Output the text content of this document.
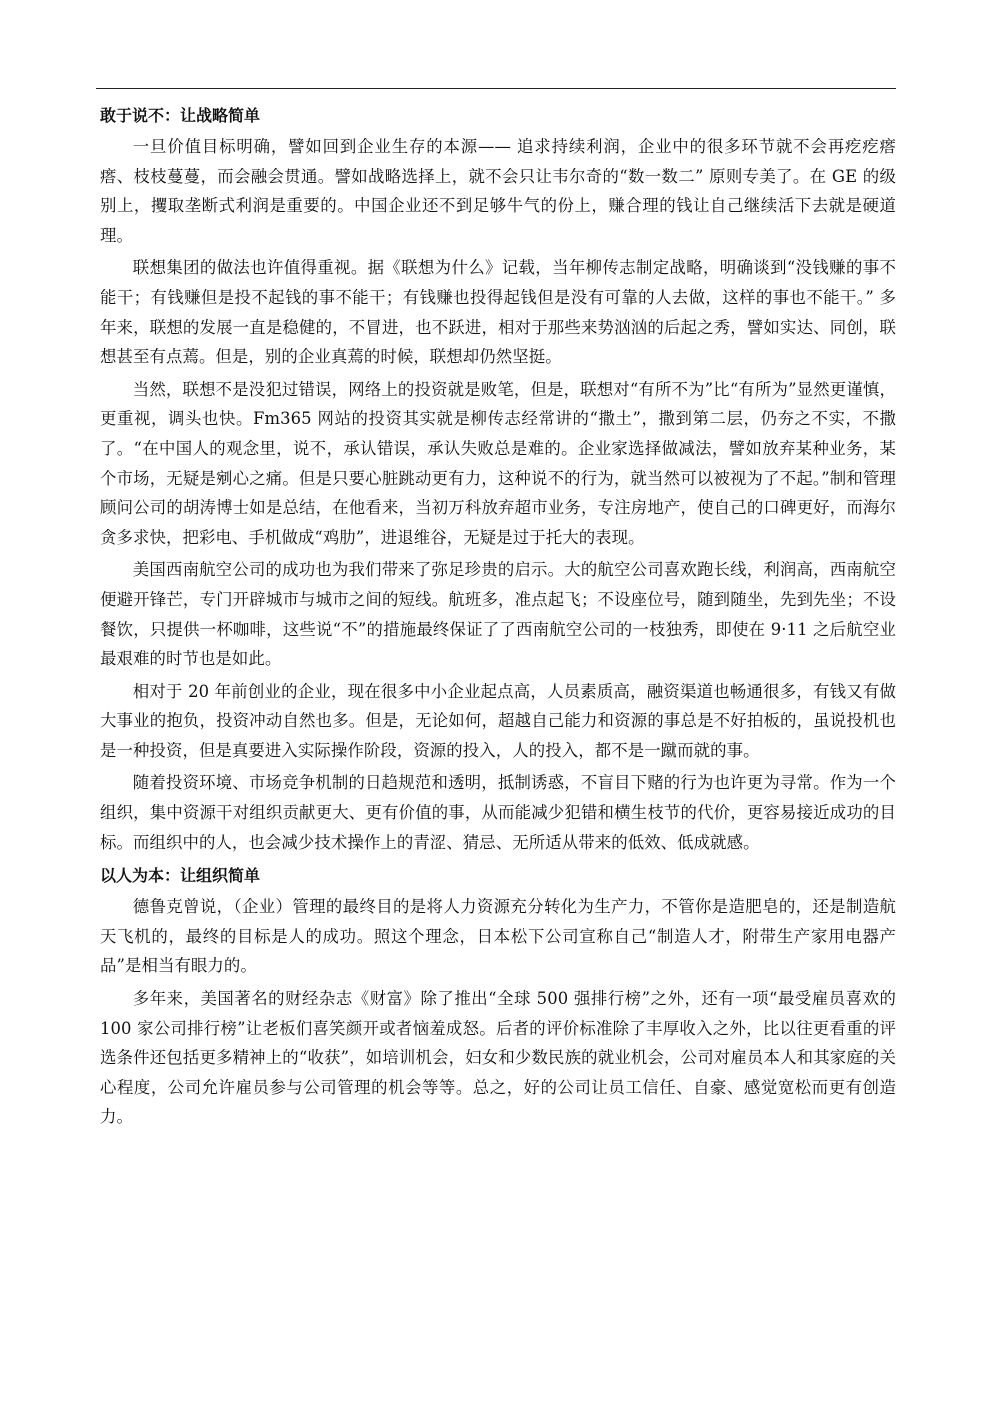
敢于说不：让战略简单

一旦价值目标明确，譬如回到企业生存的本源—— 追求持续利润，企业中的很多环节就不会再疙疙瘩瘩、枝枝蔓蔓，而会融会贯通。譬如战略选择上，就不会只让韦尔奇的“数一数二” 原则专美了。在 GE 的级别上，攫取垄断式利润是重要的。中国企业还不到足够牛气的份上，赚合理的钱让自己继续活下去就是硬道理。

联想集团的做法也许值得重视。据《联想为什么》记载，当年柳传志制定战略，明确谈到“没钱赚的事不能干；有钱赚但是投不起钱的事不能干；有钱赚也投得起钱但是没有可靠的人去做，这样的事也不能干。” 多年来，联想的发展一直是稳健的，不冒进，也不跃进，相对于那些来势汹汹的后起之秀，譬如实达、同创，联想甚至有点蔫。但是，别的企业真蔫的时候，联想却仍然坚挺。

当然，联想不是没犯过错误，网络上的投资就是败笔，但是，联想对“有所不为”比“有所为”显然更谨慎，更重视，调头也快。Fm365 网站的投资其实就是柳传志经常讲的“撒土”，撒到第二层，仍夯之不实，不撒了。“在中国人的观念里，说不，承认错误，承认失败总是难的。企业家选择做减法，譬如放弃某种业务，某个市场，无疑是剜心之痛。但是只要心脏跳动更有力，这种说不的行为，就当然可以被视为了不起。”制和管理顾问公司的胡涛博士如是总结，在他看来，当初万科放弃超市业务，专注房地产，使自己的口碑更好，而海尔贪多求快，把彩电、手机做成“鸡肋”，进退维谷，无疑是过于托大的表现。

美国西南航空公司的成功也为我们带来了弥足珍贵的启示。大的航空公司喜欢跑长线，利润高，西南航空便避开锋芒，专门开辟城市与城市之间的短线。航班多，准点起飞；不设座位号，随到随坐，先到先坐；不设餐饮，只提供一杯咖啡，这些说“不”的措施最终保证了了西南航空公司的一枝独秀，即使在 9·11 之后航空业最艰难的时节也是如此。

相对于 20 年前创业的企业，现在很多中小企业起点高，人员素质高，融资渠道也畅通很多，有钱又有做大事业的抱负，投资冲动自然也多。但是，无论如何，超越自己能力和资源的事总是不好拍板的，虽说投机也是一种投资，但是真要进入实际操作阶段，资源的投入，人的投入，都不是一蹴而就的事。

随着投资环境、市场竞争机制的日趋规范和透明，抵制诱惑，不盲目下赌的行为也许更为寻常。作为一个组织，集中资源干对组织贡献更大、更有价值的事，从而能减少犯错和横生枝节的代价，更容易接近成功的目标。而组织中的人，也会减少技术操作上的青涩、猜忌、无所适从带来的低效、低成就感。

以人为本：让组织简单

德鲁克曾说，（企业）管理的最终目的是将人力资源充分转化为生产力，不管你是造肥皂的，还是制造航天飞机的，最终的目标是人的成功。照这个理念，日本松下公司宣称自己“制造人才，附带生产家用电器产品”是相当有眼力的。

多年来，美国著名的财经杂志《财富》除了推出“全球 500 强排行榜”之外，还有一项“最受雇员喜欢的 100 家公司排行榜”让老板们喜笑颜开或者恼羞成怒。后者的评价标准除了丰厚收入之外，比以往更看重的评选条件还包括更多精神上的“收获”，如培训机会，妇女和少数民族的就业机会，公司对雇员本人和其家庭的关心程度，公司允许雇员参与公司管理的机会等等。总之，好的公司让员工信任、自豪、感觉宽松而更有创造力。
